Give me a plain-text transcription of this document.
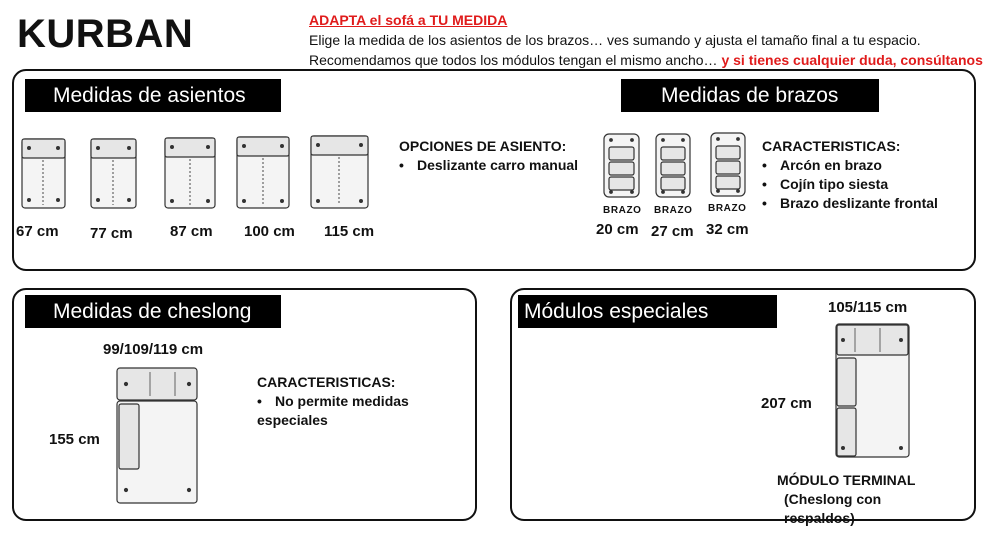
KURBAN	ADAPTA el sofá a TU MEDIDA
Elige la medida de los asientos de los brazos… ves sumando y ajusta el tamaño final a tu espacio.
Recomendamos que todos los módulos tengan el mismo ancho… y si tienes cualquier duda, consúltanos
Medidas de asientos	Medidas de brazos
67 cm 77 cm 87 cm 100 cm 115 cm
OPCIONES DE ASIENTO:
• Deslizante carro manual
BRAZO BRAZO BRAZO
20 cm 27 cm 32 cm
CARACTERISTICAS:
• Arcón en brazo
• Cojín tipo siesta
• Brazo deslizante frontal
Medidas de cheslong
99/109/119 cm
155 cm
CARACTERISTICAS:
• No permite medidas
especiales
Módulos especiales	105/115 cm
207 cm
MÓDULO TERMINAL
(Cheslong con respaldos)
